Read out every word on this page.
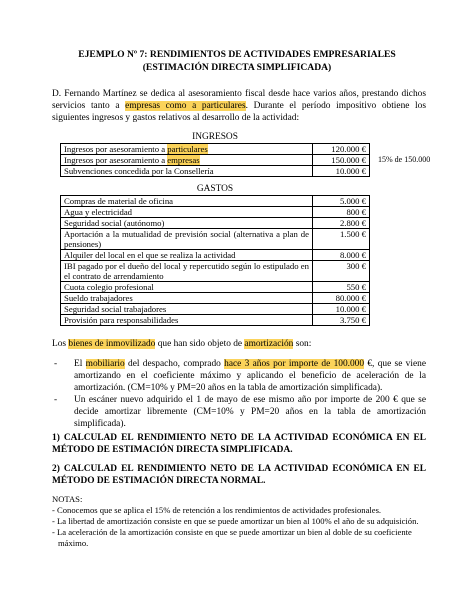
EJEMPLO Nº 7: RENDIMIENTOS DE ACTIVIDADES EMPRESARIALES
(ESTIMACIÓN DIRECTA SIMPLIFICADA)

D. Fernando Martínez se dedica al asesoramiento fiscal desde hace varios años, prestando dichos servicios tanto a empresas como a particulares. Durante el período impositivo obtiene los siguientes ingresos y gastos relativos al desarrollo de la actividad:

INGRESOS
Ingresos por asesoramiento a particulares	120.000 €
Ingresos por asesoramiento a empresas	150.000 €
Subvenciones concedida por la Consellería	10.000 €
15% de 150.000
GASTOS
Compras de material de oficina	5.000 €
Agua y electricidad	800 €
Seguridad social (autónomo)	2.800 €
Aportación a la mutualidad de previsión social (alternativa a plan de pensiones)	1.500 €
Alquiler del local en el que se realiza la actividad	8.000 €
IBI pagado por el dueño del local y repercutido según lo estipulado en el contrato de arrendamiento	300 €
Cuota colegio profesional	550 €
Sueldo trabajadores	80.000 €
Seguridad social trabajadores	10.000 €
Provisión para responsabilidades	3.750 €

Los bienes de inmovilizado que han sido objeto de amortización son:

- El mobiliario del despacho, comprado hace 3 años por importe de 100.000 €, que se viene amortizando en el coeficiente máximo y aplicando el beneficio de aceleración de la amortización. (CM=10% y PM=20 años en la tabla de amortización simplificada).
- Un escáner nuevo adquirido el 1 de mayo de ese mismo año por importe de 200 € que se decide amortizar libremente (CM=10% y PM=20 años en la tabla de amortización simplificada).

1) CALCULAD EL RENDIMIENTO NETO DE LA ACTIVIDAD ECONÓMICA EN EL MÉTODO DE ESTIMACIÓN DIRECTA SIMPLIFICADA.

2) CALCULAD EL RENDIMIENTO NETO DE LA ACTIVIDAD ECONÓMICA EN EL MÉTODO DE ESTIMACIÓN DIRECTA NORMAL.

NOTAS:
- Conocemos que se aplica el 15% de retención a los rendimientos de actividades profesionales.
- La libertad de amortización consiste en que se puede amortizar un bien al 100% el año de su adquisición.
- La aceleración de la amortización consiste en que se puede amortizar un bien al doble de su coeficiente máximo.
